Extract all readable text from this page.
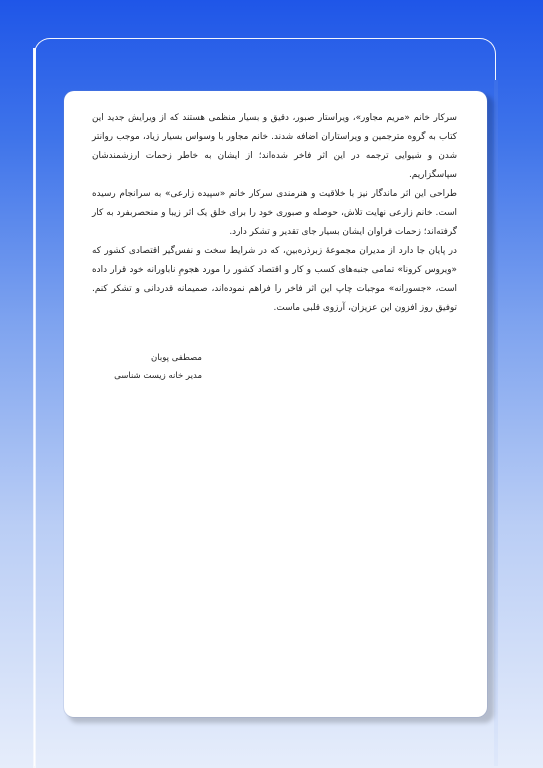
سرکار خانم «مریم مجاور»، ویراستار صبور، دقیق و بسیار منظمی هستند که از ویرایش جدید این کتاب به گروه مترجمین و ویراستاران اضافه شدند. خانم مجاور با وسواس بسیار زیاد، موجب روانتر شدن و شیوایی ترجمه در این اثر فاخر شده‌اند؛ از ایشان به خاطر زحمات ارزشمندشان سپاسگزاریم.

طراحی این اثر ماندگار نیز با خلاقیت و هنرمندی سرکار خانم «سپیده زارعی» به سرانجام رسیده است. خانم زارعی نهایت تلاش، حوصله و صبوری خود را برای خلق یک اثر زیبا و منحصربفرد به کار گرفته‌اند؛ زحمات فراوان ایشان بسیار جای تقدیر و تشکر دارد.

در پایان جا دارد از مدیران مجموعهٔ زبرذره‌بین، که در شرایط سخت و نفس‌گیر اقتصادی کشور که «ویروس کرونا» تمامی جنبه‌های کسب و کار و اقتصاد کشور را مورد هجومِ ناباورانه خود قرار داده است، «جسورانه» موجبات چاپ این اثر فاخر را فراهم نموده‌اند، صمیمانه قدردانی و تشکر کنم. توفیق روز افزون این عزیزان، آرزوی قلبی ماست.

مصطفی پوبان
مدیر خانه زیست شناسی
